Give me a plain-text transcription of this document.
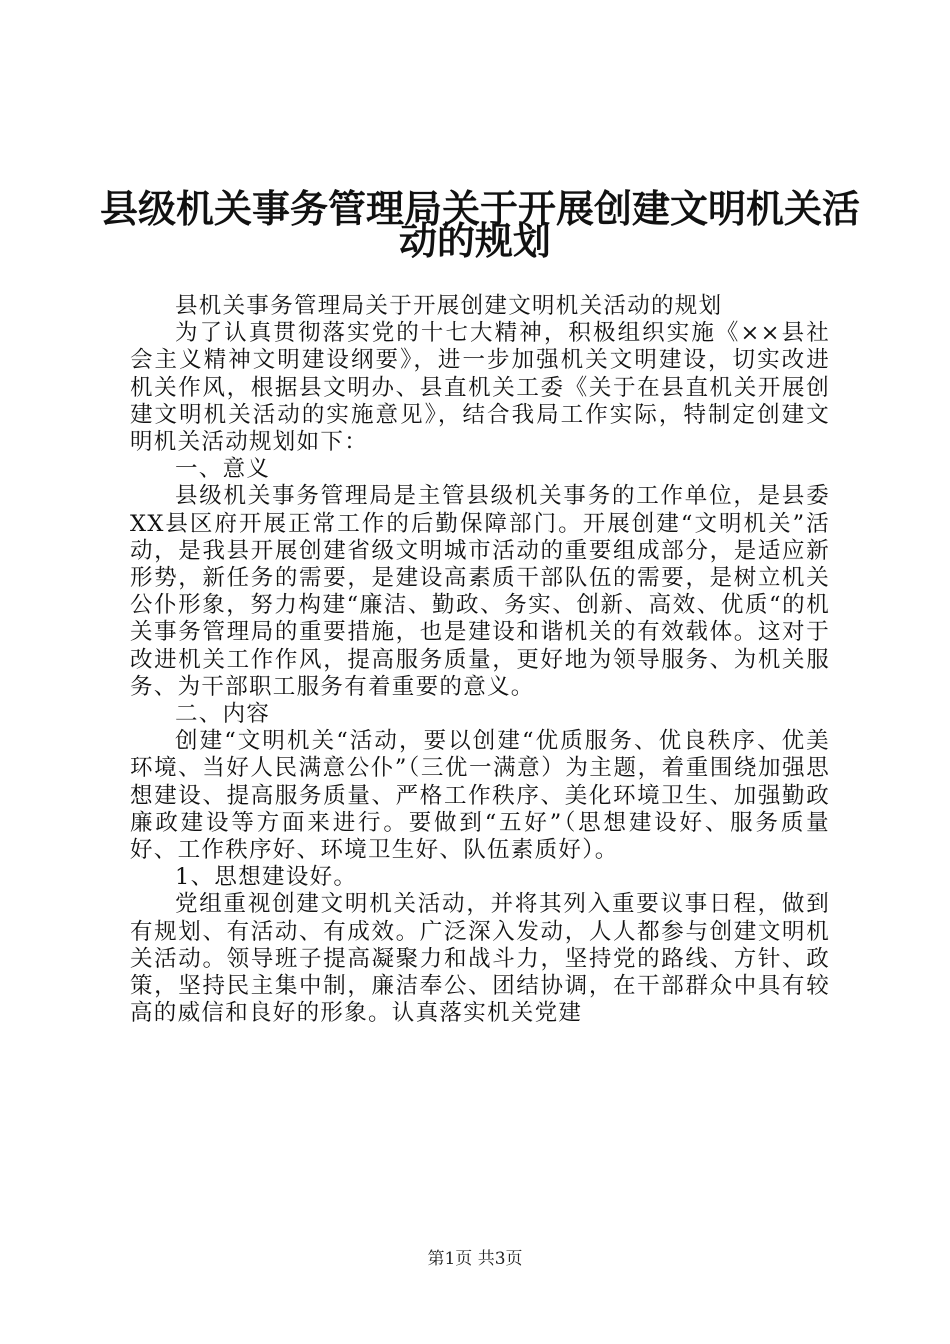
县级机关事务管理局关于开展创建文明机关活
动的规划

县机关事务管理局关于开展创建文明机关活动的规划

为了认真贯彻落实党的十七大精神，积极组织实施《××县社会主义精神文明建设纲要》，进一步加强机关文明建设，切实改进机关作风，根据县文明办、县直机关工委《关于在县直机关开展创建文明机关活动的实施意见》，结合我局工作实际，特制定创建文明机关活动规划如下：

一、意义

县级机关事务管理局是主管县级机关事务的工作单位，是县委XX县区府开展正常工作的后勤保障部门。开展创建“文明机关”活动，是我县开展创建省级文明城市活动的重要组成部分，是适应新形势，新任务的需要，是建设高素质干部队伍的需要，是树立机关公仆形象，努力构建“廉洁、勤政、务实、创新、高效、优质“的机关事务管理局的重要措施，也是建设和谐机关的有效载体。这对于改进机关工作作风，提高服务质量，更好地为领导服务、为机关服务、为干部职工服务有着重要的意义。

二、内容

创建“文明机关“活动，要以创建“优质服务、优良秩序、优美环境、当好人民满意公仆”（三优一满意）为主题，着重围绕加强思想建设、提高服务质量、严格工作秩序、美化环境卫生、加强勤政廉政建设等方面来进行。要做到“五好”（思想建设好、服务质量好、工作秩序好、环境卫生好、队伍素质好）。

1、思想建设好。

党组重视创建文明机关活动，并将其列入重要议事日程，做到有规划、有活动、有成效。广泛深入发动，人人都参与创建文明机关活动。领导班子提高凝聚力和战斗力，坚持党的路线、方针、政策，坚持民主集中制，廉洁奉公、团结协调，在干部群众中具有较高的威信和良好的形象。认真落实机关党建

第1页 共3页
